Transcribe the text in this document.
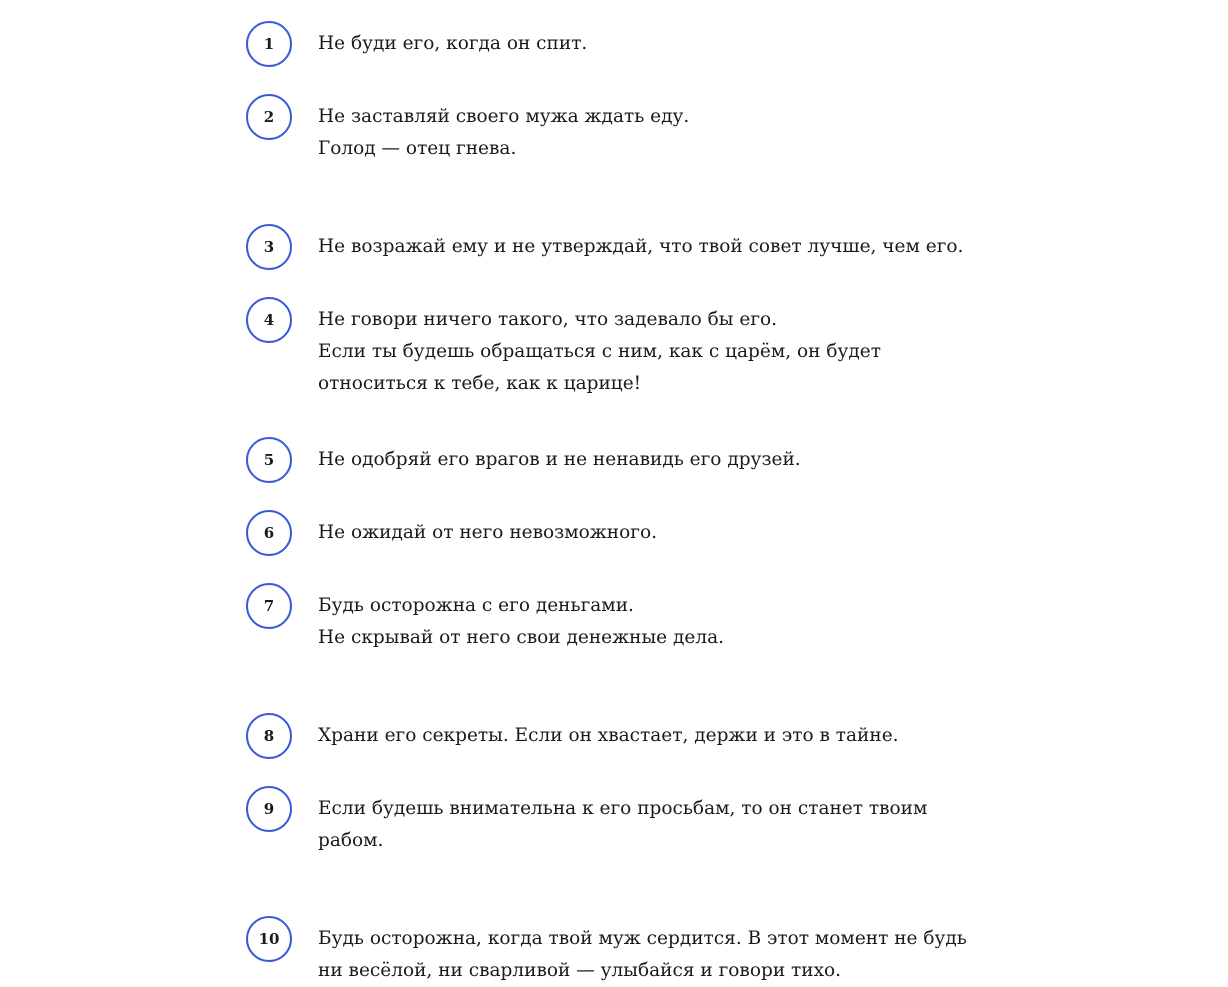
1	Не буди его, когда он спит.
2	Не заставляй своего мужа ждать еду.
Голод — отец гнева.
3	Не возражай ему и не утверждай, что твой совет лучше, чем его.
4	Не говори ничего такого, что задевало бы его.
Если ты будешь обращаться с ним, как с царём, он будет
относиться к тебе, как к царице!
5	Не одобряй его врагов и не ненавидь его друзей.
6	Не ожидай от него невозможного.
7	Будь осторожна с его деньгами.
Не скрывай от него свои денежные дела.
8	Храни его секреты. Если он хвастает, держи и это в тайне.
9	Если будешь внимательна к его просьбам, то он станет твоим
рабом.
10	Будь осторожна, когда твой муж сердится. В этот момент не будь
ни весёлой, ни сварливой — улыбайся и говори тихо.
